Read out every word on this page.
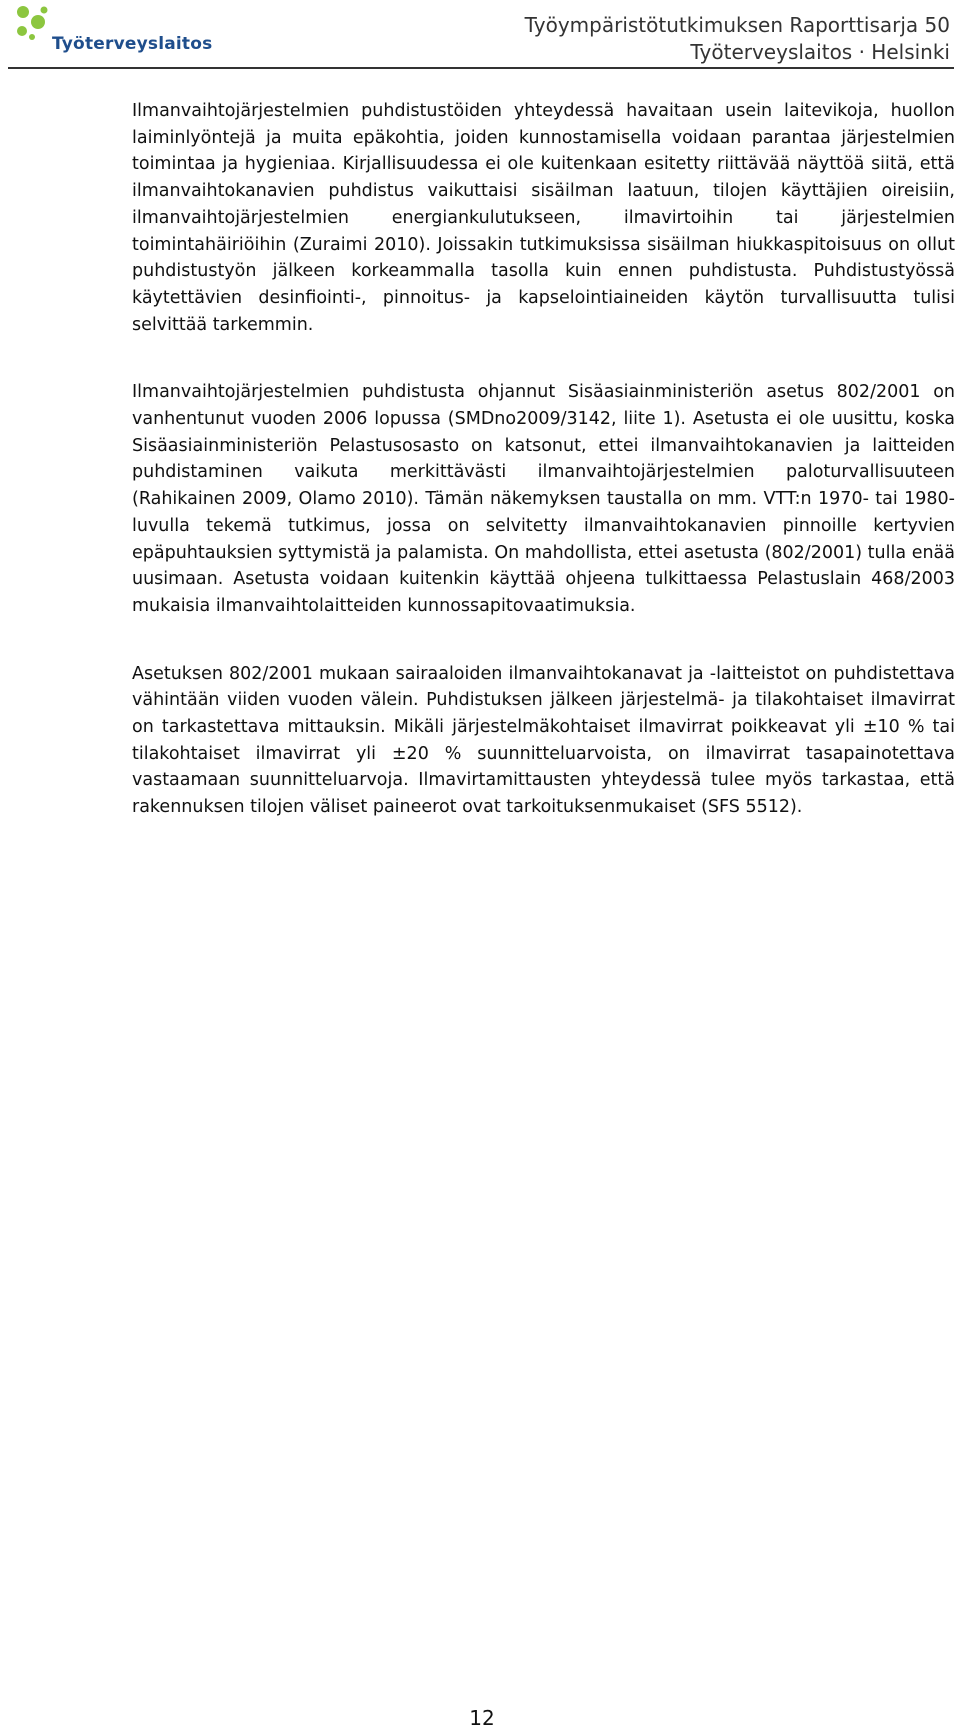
Työterveyslaitos
Työympäristötutkimuksen Raporttisarja 50
Työterveyslaitos · Helsinki

Ilmanvaihtojärjestelmien puhdistustöiden yhteydessä havaitaan usein laitevikoja, huollon laiminlyöntejä ja muita epäkohtia, joiden kunnostamisella voidaan parantaa järjestelmien toimintaa ja hygieniaa. Kirjallisuudessa ei ole kuitenkaan esitetty riittävää näyttöä siitä, että ilmanvaihtokanavien puhdistus vaikuttaisi sisäilman laatuun, tilojen käyttäjien oireisiin, ilmanvaihtojärjestelmien energiankulutukseen, ilmavirtoihin tai järjestelmien toimintahäiriöihin (Zuraimi 2010). Joissakin tutkimuksissa sisäilman hiukkaspitoisuus on ollut puhdistustyön jälkeen korkeammalla tasolla kuin ennen puhdistusta. Puhdistustyössä käytettävien desinfiointi-, pinnoitus- ja kapselointiaineiden käytön turvallisuutta tulisi selvittää tarkemmin.

Ilmanvaihtojärjestelmien puhdistusta ohjannut Sisäasiainministeriön asetus 802/2001 on vanhentunut vuoden 2006 lopussa (SMDno2009/3142, liite 1). Asetusta ei ole uusittu, koska Sisäasiainministeriön Pelastusosasto on katsonut, ettei ilmanvaihtokanavien ja laitteiden puhdistaminen vaikuta merkittävästi ilmanvaihtojärjestelmien paloturvallisuuteen (Rahikainen 2009, Olamo 2010). Tämän näkemyksen taustalla on mm. VTT:n 1970- tai 1980-luvulla tekemä tutkimus, jossa on selvitetty ilmanvaihtokanavien pinnoille kertyvien epäpuhtauksien syttymistä ja palamista. On mahdollista, ettei asetusta (802/2001) tulla enää uusimaan. Asetusta voidaan kuitenkin käyttää ohjeena tulkittaessa Pelastuslain 468/2003 mukaisia ilmanvaihtolaitteiden kunnossapitovaatimuksia.

Asetuksen 802/2001 mukaan sairaaloiden ilmanvaihtokanavat ja -laitteistot on puhdistettava vähintään viiden vuoden välein. Puhdistuksen jälkeen järjestelmä- ja tilakohtaiset ilmavirrat on tarkastettava mittauksin. Mikäli järjestelmäkohtaiset ilmavirrat poikkeavat yli ±10 % tai tilakohtaiset ilmavirrat yli ±20 % suunnitteluarvoista, on ilmavirrat tasapainotettava vastaamaan suunnitteluarvoja. Ilmavirtamittausten yhteydessä tulee myös tarkastaa, että rakennuksen tilojen väliset paineerot ovat tarkoituksenmukaiset (SFS 5512).

12
